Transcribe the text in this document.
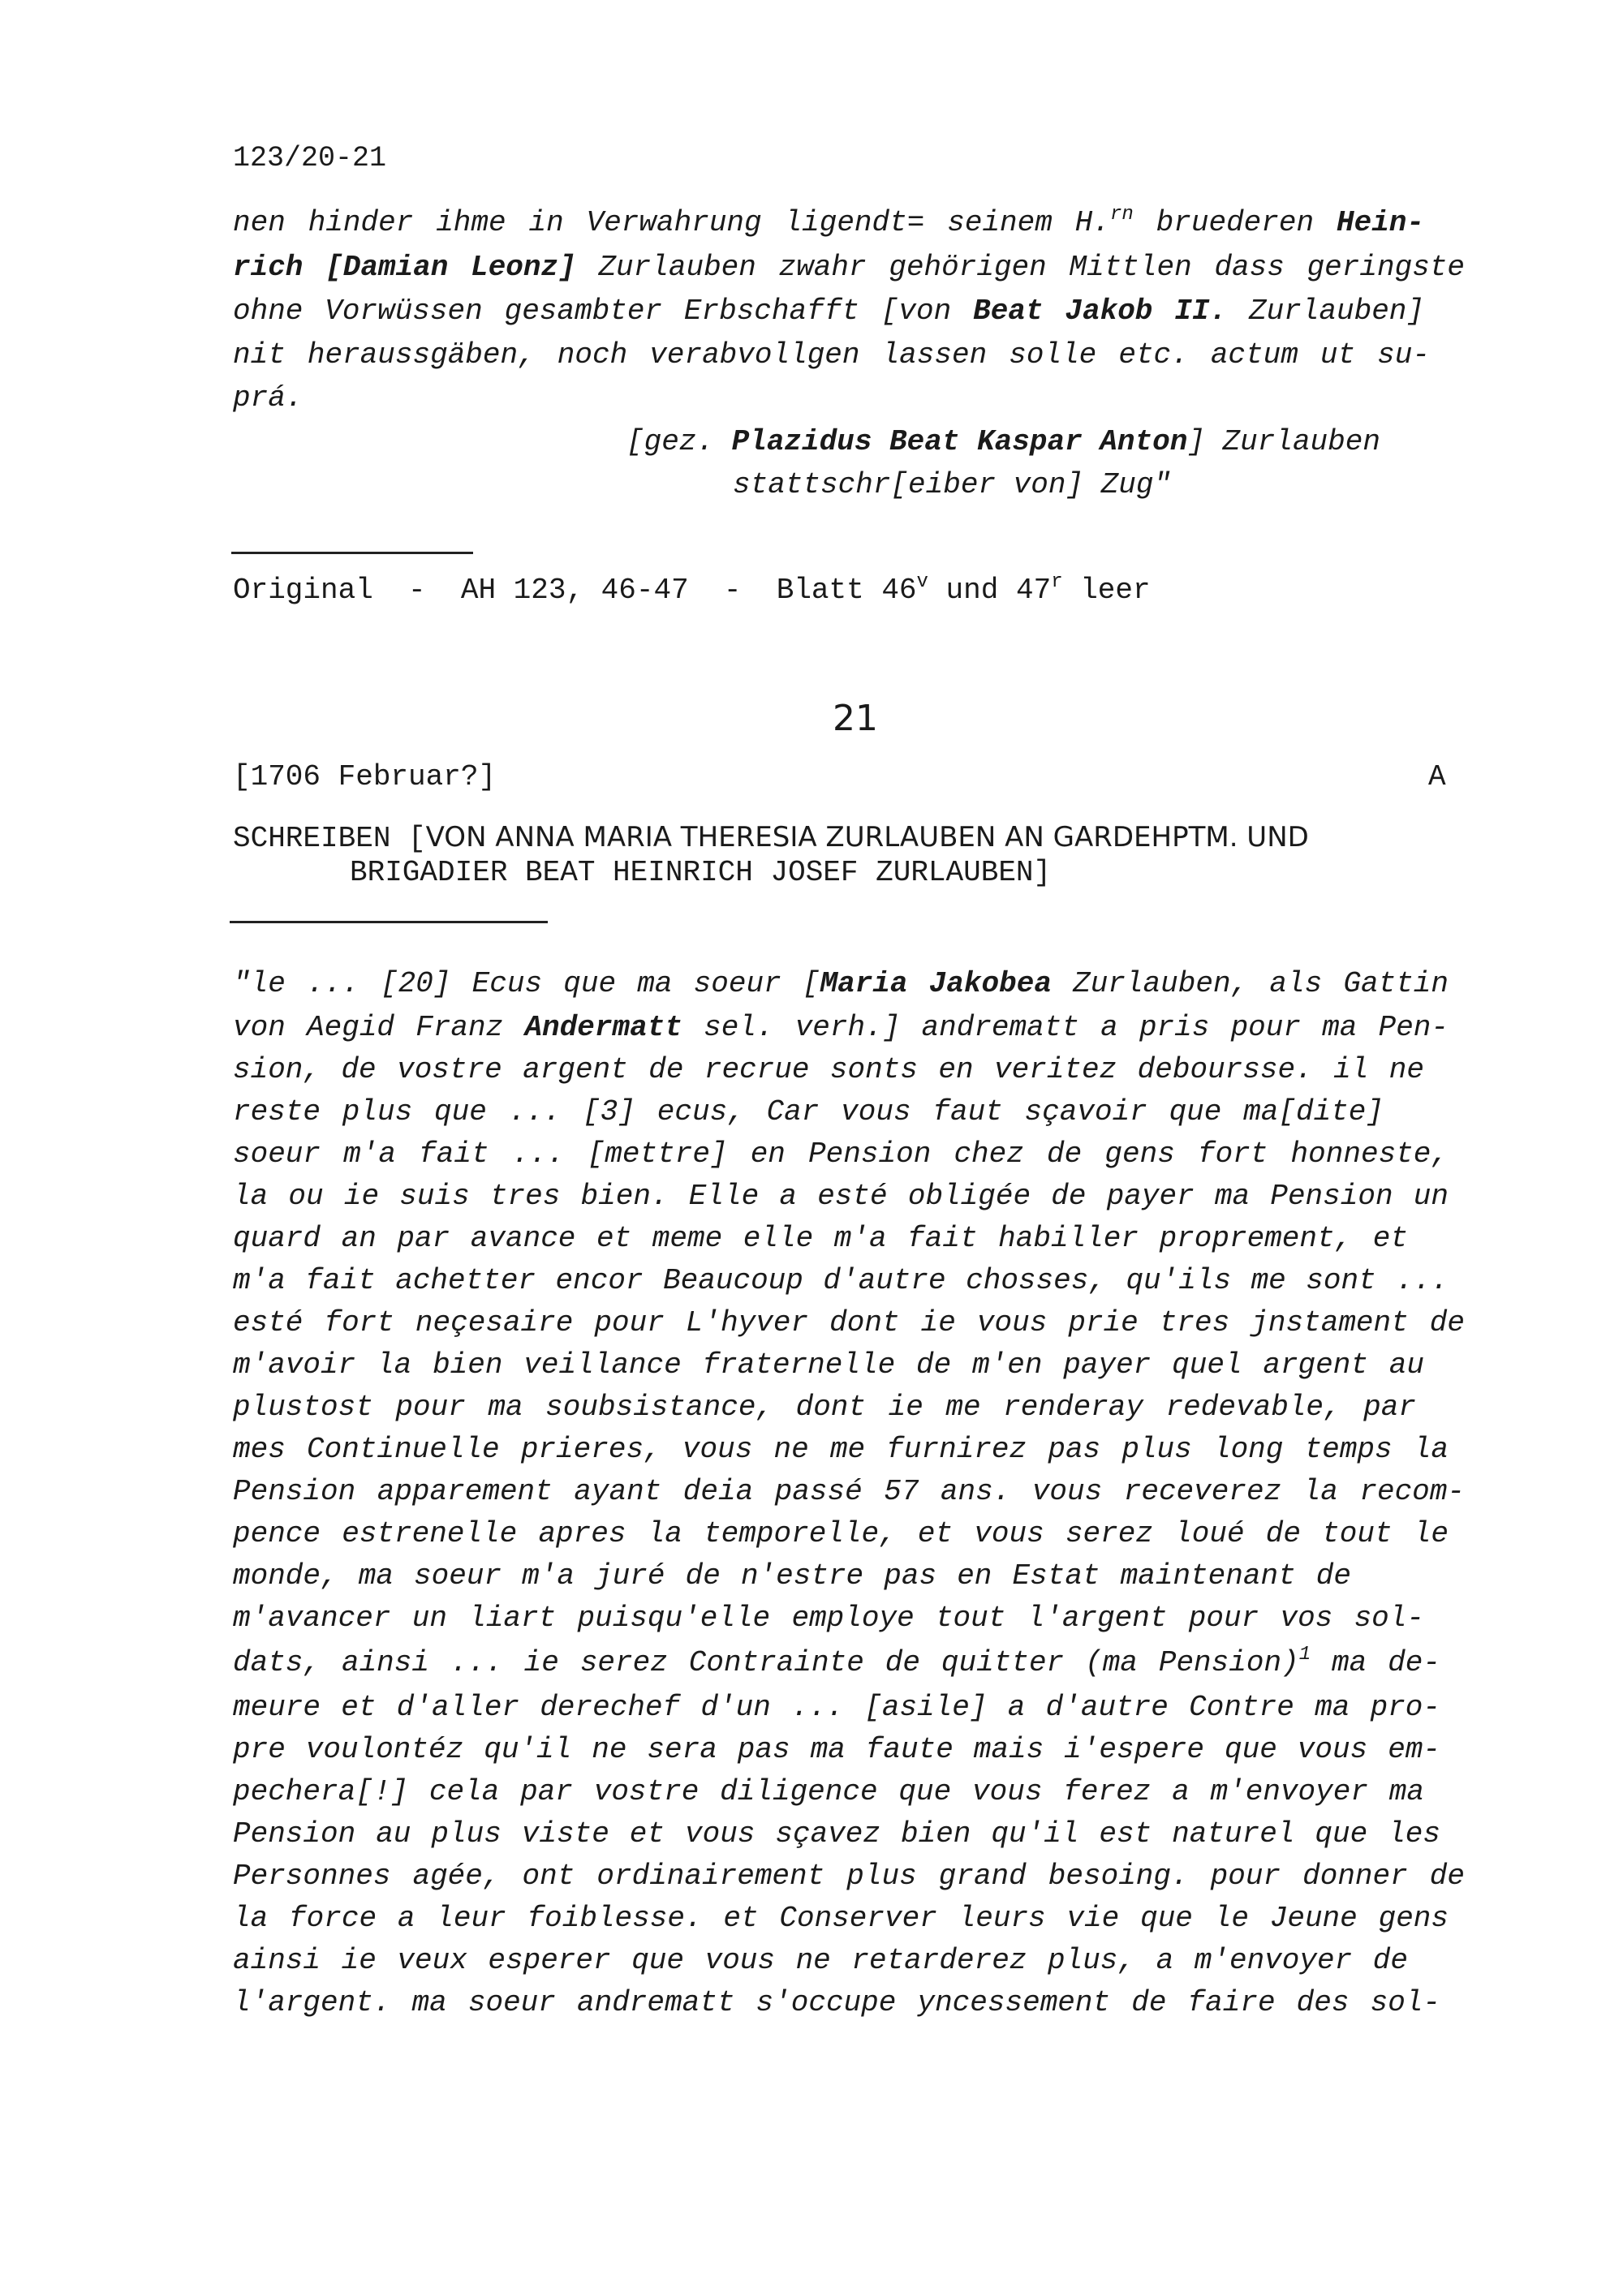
123/20-21
nen hinder ihme in Verwahrung ligendt= seinem H.$^{rn}$ bruederen Hein-
rich [Damian Leonz] Zurlauben zwahr gehörigen Mittlen dass geringste
ohne Vorwüssen gesambter Erbschafft [von Beat Jakob II. Zurlauben]
nit heraussgäben, noch verabvollgen lassen solle etc. actum ut su-
prá.
[gez. Plazidus Beat Kaspar Anton] Zurlauben
stattschr[eiber von] Zug"
Original  -  AH 123, 46-47  -  Blatt 46$^v$ und 47$^r$ leer
21
[1706 Februar?]	A
SCHREIBEN [VON ANNA MARIA THERESIA ZURLAUBEN AN GARDEHPTM. UND
BRIGADIER BEAT HEINRICH JOSEF ZURLAUBEN]
"le ... [20] Ecus que ma soeur [Maria Jakobea Zurlauben, als Gattin
von Aegid Franz Andermatt sel. verh.] andrematt a pris pour ma Pen-
sion, de vostre argent de recrue sonts en veritez deboursse. il ne
reste plus que ... [3] ecus, Car vous faut sçavoir que ma[dite]
soeur m'a fait ... [mettre] en Pension chez de gens fort honneste,
la ou ie suis tres bien. Elle a esté obligée de payer ma Pension un
quard an par avance et meme elle m'a fait habiller proprement, et
m'a fait achetter encor Beaucoup d'autre chosses, qu'ils me sont ...
esté fort neçesaire pour L'hyver dont ie vous prie tres jnstament de
m'avoir la bien veillance fraternelle de m'en payer quel argent au
plustost pour ma soubsistance, dont ie me renderay redevable, par
mes Continuelle prieres, vous ne me furnirez pas plus long temps la
Pension apparement ayant deia passé 57 ans. vous receverez la recom-
pence estrenelle apres la temporelle, et vous serez loué de tout le
monde, ma soeur m'a juré de n'estre pas en Estat maintenant de
m'avancer un liart puisqu'elle employe tout l'argent pour vos sol-
dats, ainsi ... ie serez Contrainte de quitter (ma Pension)$^1$ ma de-
meure et d'aller derechef d'un ... [asile] a d'autre Contre ma pro-
pre voulontéz qu'il ne sera pas ma faute mais i'espere que vous em-
pechera[!] cela par vostre diligence que vous ferez a m'envoyer ma
Pension au plus viste et vous sçavez bien qu'il est naturel que les
Personnes agée, ont ordinairement plus grand besoing. pour donner de
la force a leur foiblesse. et Conserver leurs vie que le Jeune gens
ainsi ie veux esperer que vous ne retarderez plus, a m'envoyer de
l'argent. ma soeur andrematt s'occupe yncessement de faire des sol-
